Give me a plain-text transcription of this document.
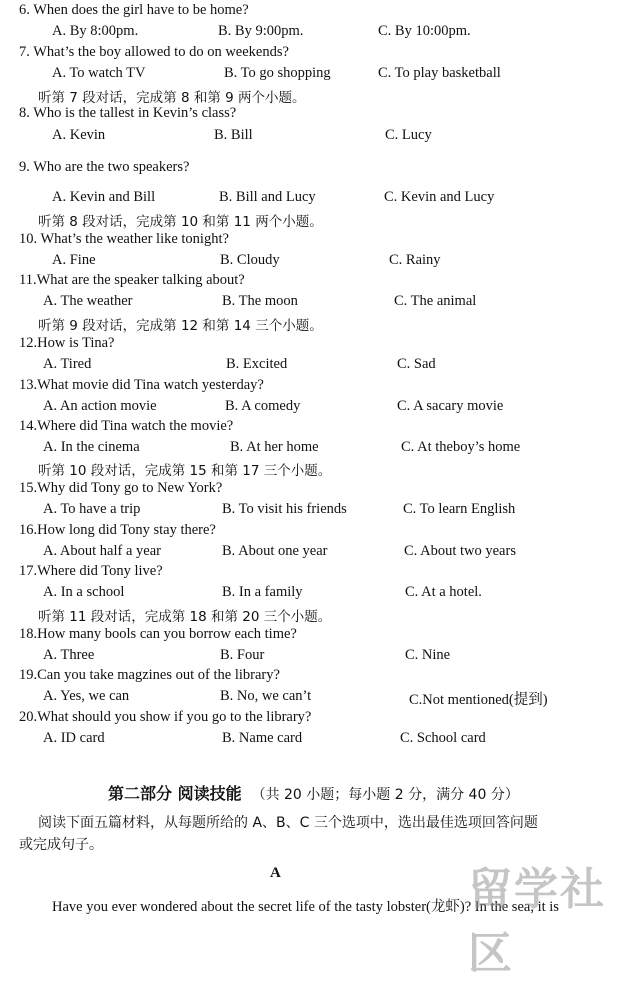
6. When does the girl have to be home?
A. By 8:00pm.	B. By 9:00pm.	C. By 10:00pm.
7. What’s the boy allowed to do on weekends?
A. To watch TV	B. To go shopping	C. To play basketball
8. Who is the tallest in Kevin’s class?
A. Kevin	B. Bill	C. Lucy
9. Who are the two speakers?
A. Kevin and Bill	B. Bill and Lucy	C. Kevin and Lucy
10. What’s the weather like tonight?
A. Fine	B. Cloudy	C. Rainy
11.What are the speaker talking about?
A. The weather	B. The moon	C. The animal
12.How is Tina?
A. Tired	B. Excited	C. Sad
13.What movie did Tina watch yesterday?
A. An action movie	B. A comedy	C. A sacary movie
14.Where did Tina watch the movie?
A. In the cinema	B. At her home	C. At theboy’s home
15.Why did Tony go to New York?
A. To have a trip	B. To visit his friends	C. To learn English
16.How long did Tony stay there?
A. About half a year	B. About one year	C. About two years
17.Where did Tony live?
A. In a school	B. In a family	C. At a hotel.
18.How many bools can you borrow each time?
A. Three	B. Four	C. Nine
19.Can you take magzines out of the library?
A. Yes, we can	B. No, we can’t	C.Not mentioned(提到)
20.What should you show if you go to the library?
A. ID card	B. Name card	C. School card
听第 7 段对话，完成第 8 和第 9 两个小题。
听第 8 段对话，完成第 10 和第 11 两个小题。
听第 9 段对话，完成第 12 和第 14 三个小题。
听第 10 段对话，完成第 15 和第 17 三个小题。
听第 11 段对话，完成第 18 和第 20 三个小题。
第二部分 阅读技能 （共 20 小题；每小题 2 分，满分 40 分）
阅读下面五篇材料，从每题所给的 A、B、C 三个选项中，选出最佳选项回答问题
或完成句子。
A
Have you ever wondered about the secret life of the tasty lobster(龙虾)? In the sea, it is
留学社区
